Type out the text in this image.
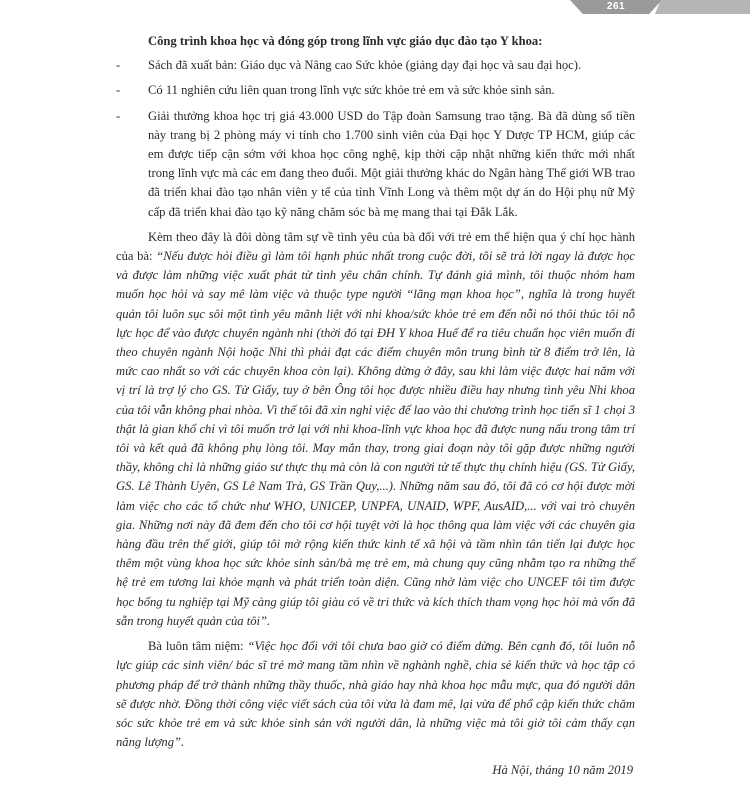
261

Công trình khoa học và đóng góp trong lĩnh vực giáo dục đào tạo Y khoa:

- Sách đã xuất bản: Giáo dục và Nâng cao Sức khỏe (giảng dạy đại học và sau đại học).
- Có 11 nghiên cứu liên quan trong lĩnh vực sức khỏe trẻ em và sức khỏe sinh sản.
- Giải thưởng khoa học trị giá 43.000 USD do Tập đoàn Samsung trao tặng. Bà đã dùng số tiền này trang bị 2 phòng máy vi tính cho 1.700 sinh viên của Đại học Y Dược TP HCM, giúp các em được tiếp cận sớm với khoa học công nghệ, kịp thời cập nhật những kiến thức mới nhất trong lĩnh vực mà các em đang theo đuổi. Một giải thưởng khác do Ngân hàng Thế giới WB trao đã triển khai đào tạo nhân viên y tế của tỉnh Vĩnh Long và thêm một dự án do Hội phụ nữ Mỹ cấp đã triển khai đào tạo kỹ năng chăm sóc bà mẹ mang thai tại Đắk Lắk.

Kèm theo đây là đôi dòng tâm sự về tình yêu của bà đối với trẻ em thể hiện qua ý chí học hành của bà: “Nếu được hỏi điều gì làm tôi hạnh phúc nhất trong cuộc đời, tôi sẽ trả lời ngay là được học và được làm những việc xuất phát từ tình yêu chân chính. Tự đánh giá mình, tôi thuộc nhóm ham muốn học hỏi và say mê làm việc và thuộc type người “lãng mạn khoa học”, nghĩa là trong huyết quản tôi luôn sục sôi một tình yêu mãnh liệt với nhi khoa/sức khỏe trẻ em đến nỗi nó thôi thúc tôi nỗ lực học để vào được chuyên ngành nhi (thời đó tại ĐH Y khoa Huế để ra tiêu chuẩn học viên muốn đi theo chuyên ngành Nội hoặc Nhi thì phải đạt các điểm chuyên môn trung bình từ 8 điểm trở lên, là mức cao nhất so với các chuyên khoa còn lại). Không dừng ở đây, sau khi làm việc được hai năm với vị trí là trợ lý cho GS. Tử Giấy, tuy ở bên Ông tôi học được nhiều điều hay nhưng tình yêu Nhi khoa của tôi vẫn không phai nhòa. Vì thế tôi đã xin nghỉ việc để lao vào thi chương trình học tiến sĩ 1 chọi 3 thật là gian khổ chỉ vì tôi muốn trở lại với nhi khoa-lĩnh vực khoa học đã được nung nấu trong tâm trí tôi và kết quả đã không phụ lòng tôi. May mắn thay, trong giai đoạn này tôi gặp được những người thầy, không chỉ là những giáo sư thực thụ mà còn là con người tử tế thực thụ chính hiệu (GS. Tử Giấy, GS. Lê Thành Uyên, GS Lê Nam Trà, GS Trần Quy,...). Những năm sau đó, tôi đã có cơ hội được mời làm việc cho các tổ chức như WHO, UNICEP, UNPFA, UNAID, WPF, AusAID,... với vai trò chuyên gia. Những nơi này đã đem đến cho tôi cơ hội tuyệt vời là học thông qua làm việc với các chuyên gia hàng đầu trên thế giới, giúp tôi mở rộng kiến thức kinh tế xã hội và tầm nhìn tân tiến lại được học thêm một vùng khoa học sức khỏe sinh sản/bà mẹ trẻ em, mà chung quy cũng nhằm tạo ra những thế hệ trẻ em tương lai khỏe mạnh và phát triển toàn diện. Cũng nhờ làm việc cho UNCEF tôi tìm được học bổng tu nghiệp tại Mỹ càng giúp tôi giàu có về tri thức và kích thích tham vọng học hỏi mà vốn đã sẵn trong huyết quản của tôi”.

Bà luôn tâm niệm: “Việc học đối với tôi chưa bao giờ có điểm dừng. Bên cạnh đó, tôi luôn nỗ lực giúp các sinh viên/ bác sĩ trẻ mở mang tầm nhìn về nghành nghề, chia sẻ kiến thức và học tập có phương pháp để trở thành những thầy thuốc, nhà giáo hay nhà khoa học mẫu mực, qua đó người dân sẽ được nhờ. Đồng thời công việc viết sách của tôi vừa là đam mê, lại vừa để phổ cập kiến thức chăm sóc sức khỏe trẻ em và sức khỏe sinh sản với người dân, là những việc mà tôi giờ tôi cảm thấy cạn năng lượng”.

Hà Nội, tháng 10 năm 2019
